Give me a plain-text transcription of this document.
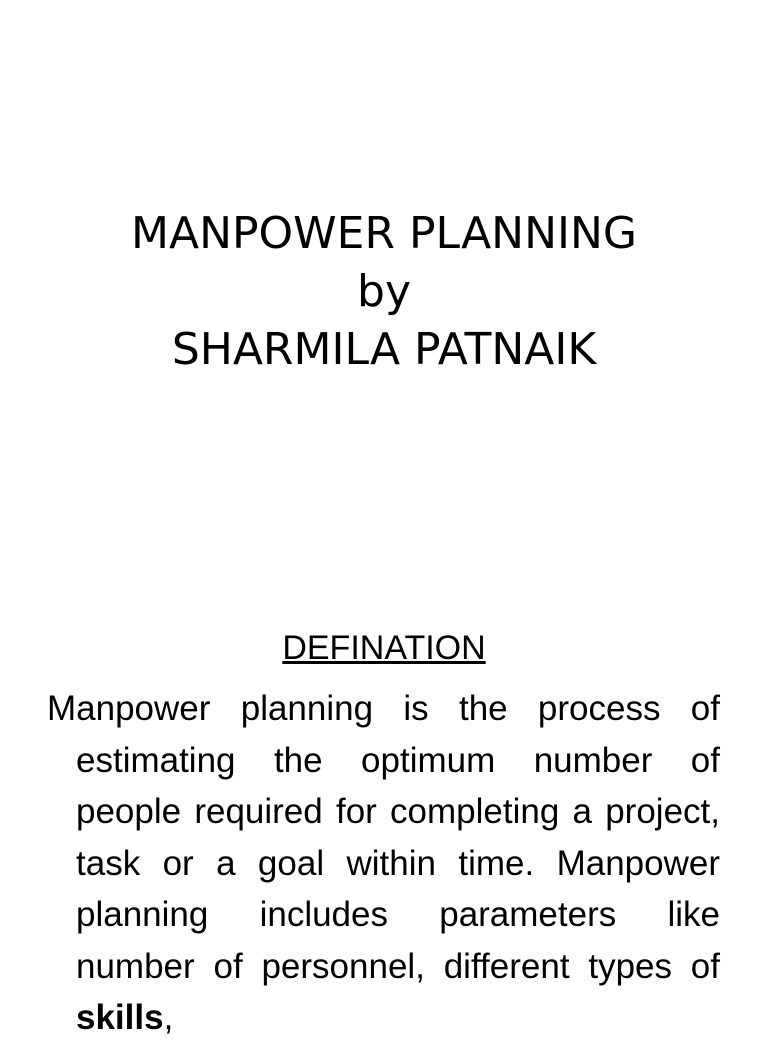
MANPOWER PLANNING
by
SHARMILA PATNAIK
DEFINATION
Manpower planning is the process of estimating the optimum number of people required for completing a project, task or a goal within time. Manpower planning includes parameters like number of personnel, different types of skills,
